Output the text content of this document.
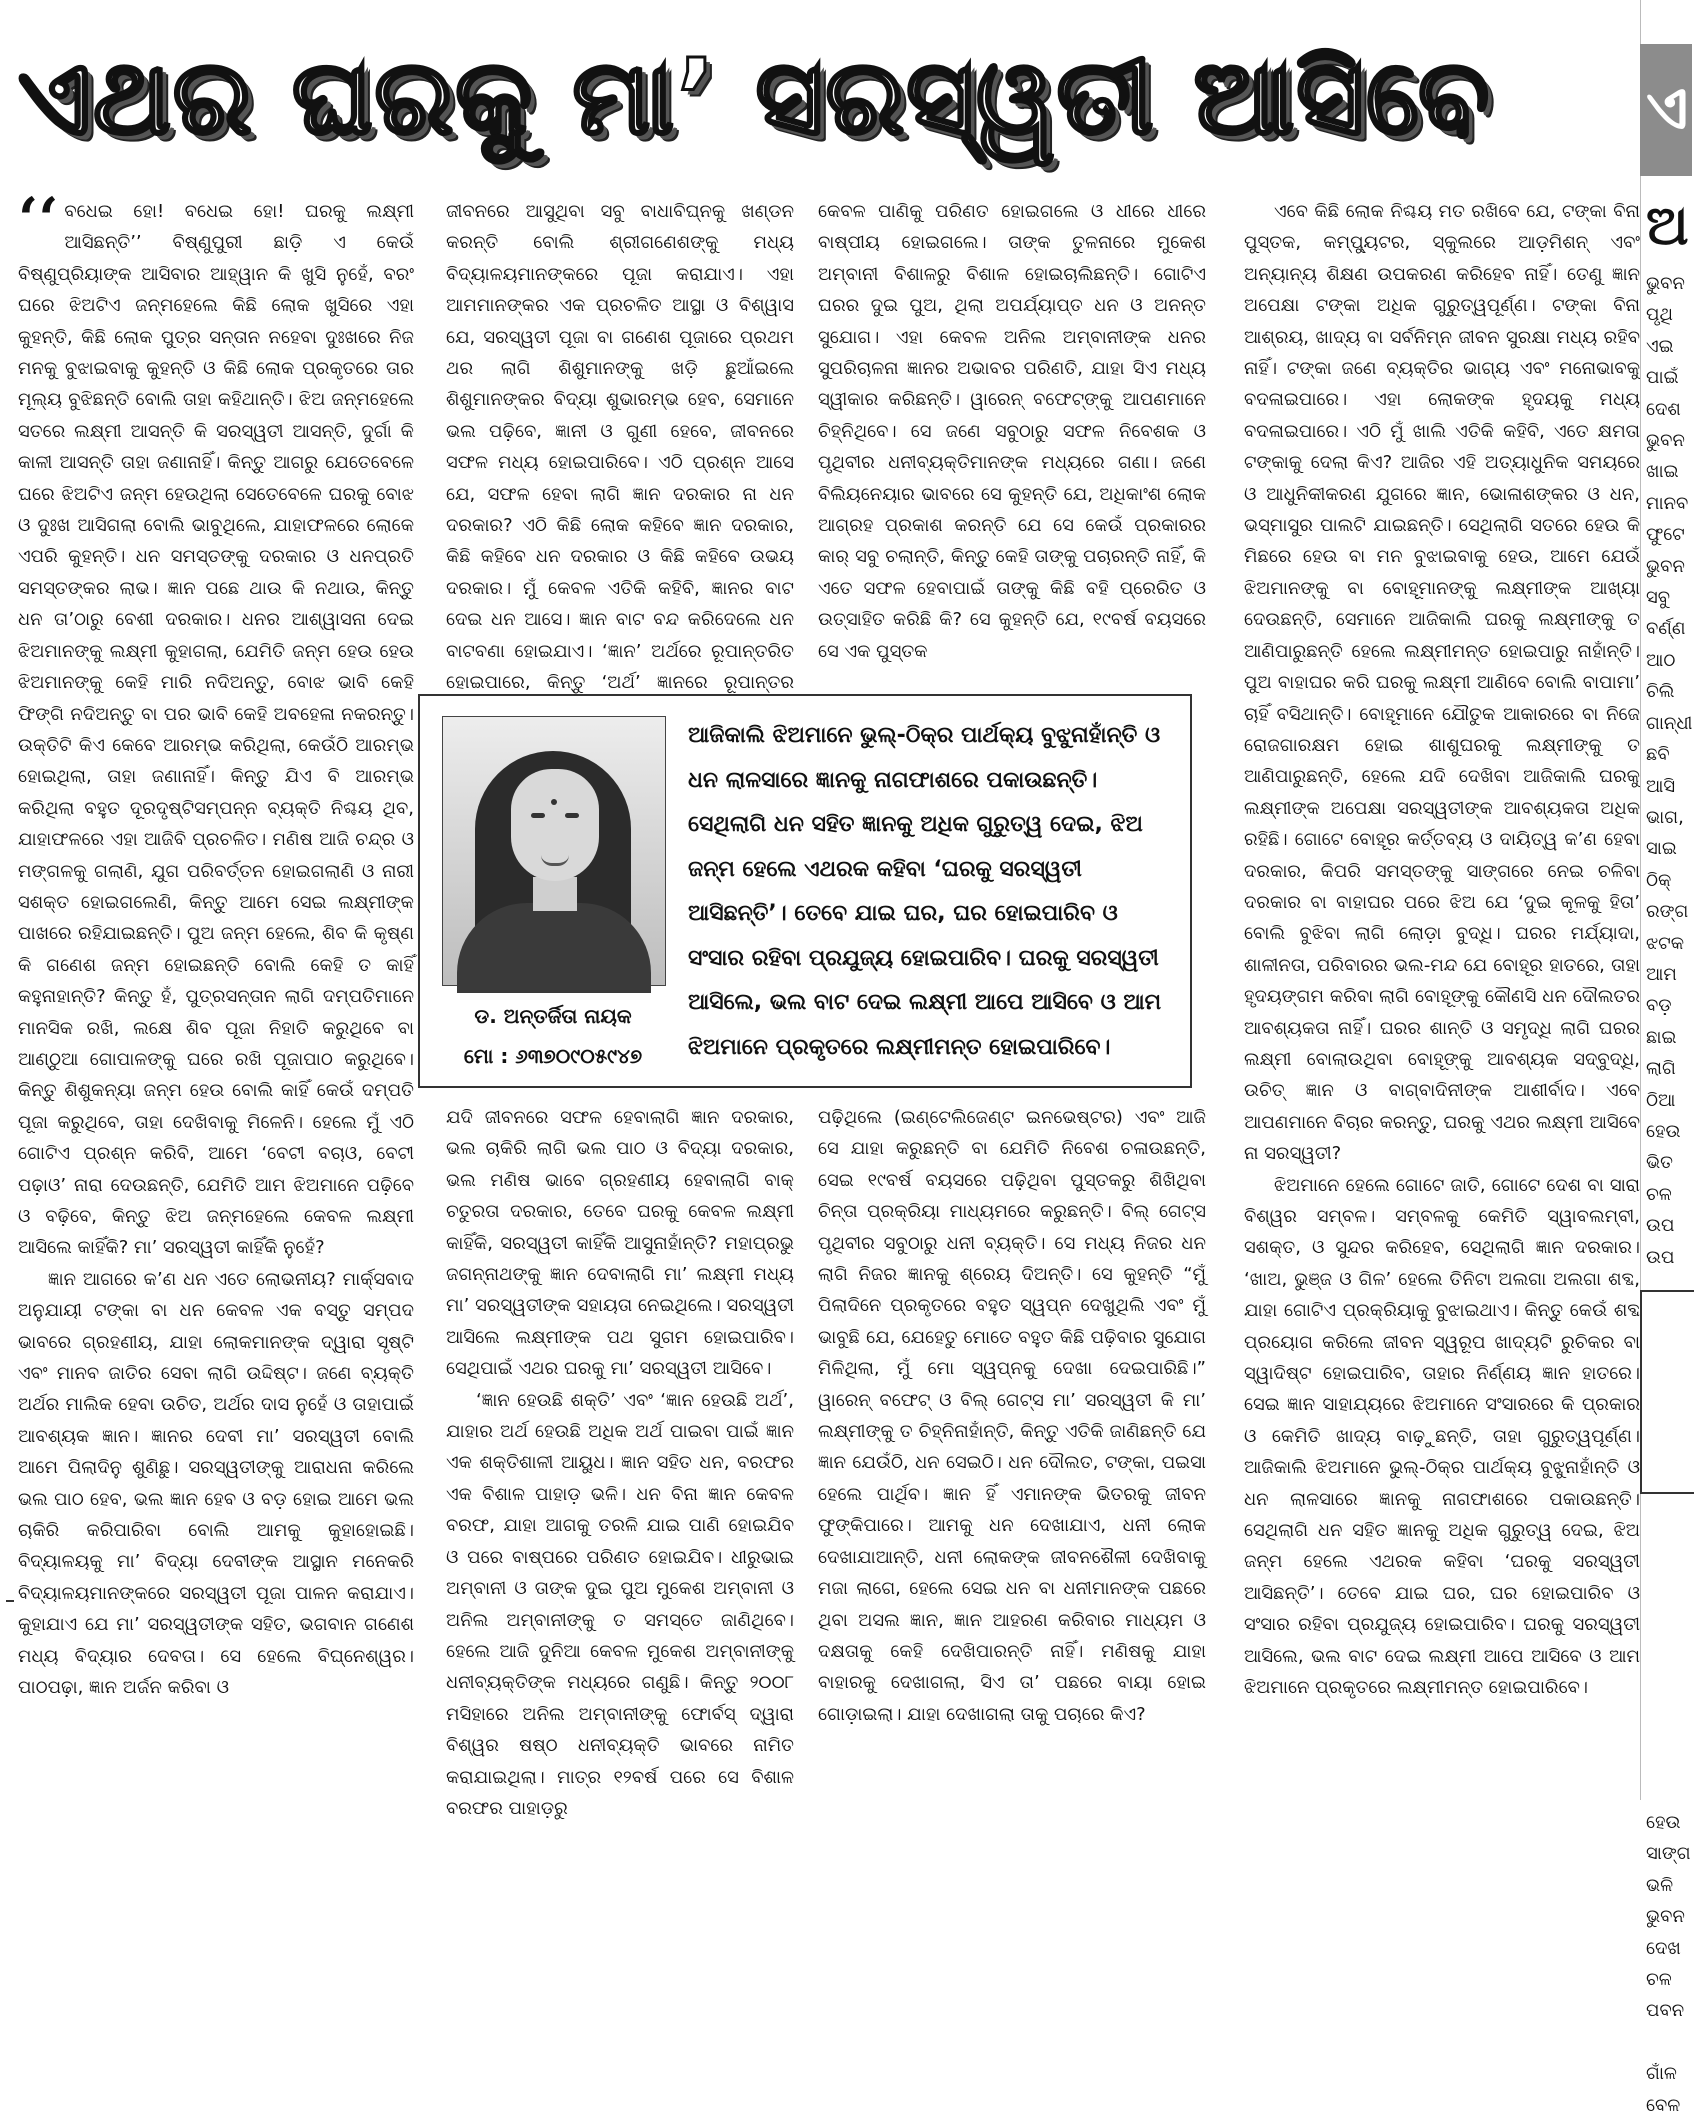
ଏଥର ଘରକୁ ମା’ ସରସ୍ୱତୀ ଆସିବେ

‘‘ ବଧେଇ ହୋ! ବଧେଇ ହୋ! ଘରକୁ ଲକ୍ଷ୍ମୀ ଆସିଛନ୍ତି’’ ବିଷ୍ଣୁପୁରୀ ଛାଡ଼ି ଏ କେଉଁ ବିଷ୍ଣୁପ୍ରିୟାଙ୍କ ଆସିବାର ଆହ୍ୱାନ କି ଖୁସି ନୁହେଁ, ବରଂ ଘରେ ଝିଅଟିଏ ଜନ୍ମହେଲେ କିଛି ଲୋକ ଖୁସିରେ ଏହା କୁହନ୍ତି, କିଛି ଲୋକ ପୁତ୍ର ସନ୍ତାନ ନହେବା ଦୁଃଖରେ ନିଜ ମନକୁ ବୁଝାଇବାକୁ କୁହନ୍ତି ଓ କିଛି ଲୋକ ପ୍ରକୃତରେ ତାର ମୂଲ୍ୟ ବୁଝିଛନ୍ତି ବୋଲି ତାହା କହିଥାନ୍ତି। ଝିଅ ଜନ୍ମହେଲେ ସତରେ ଲକ୍ଷ୍ମୀ ଆସନ୍ତି କି ସରସ୍ୱତୀ ଆସନ୍ତି, ଦୁର୍ଗା କି କାଳୀ ଆସନ୍ତି ତାହା ଜଣାନାହିଁ। କିନ୍ତୁ ଆଗରୁ ଯେତେବେଳେ ଘରେ ଝିଅଟିଏ ଜନ୍ମ ହେଉଥିଲା ସେତେବେଳେ ଘରକୁ ବୋଝ ଓ ଦୁଃଖ ଆସିଗଲା ବୋଲି ଭାବୁଥିଲେ, ଯାହାଫଳରେ ଲୋକେ ଏପରି କୁହନ୍ତି। ଧନ ସମସ୍ତଙ୍କୁ ଦରକାର ଓ ଧନପ୍ରତି ସମସ୍ତଙ୍କର ଲାଭ। ଜ୍ଞାନ ପଛେ ଥାଉ କି ନଥାଉ, କିନ୍ତୁ ଧନ ତା’ଠାରୁ ବେଶୀ ଦରକାର। ଧନର ଆଶ୍ୱାସନା ଦେଇ ଝିଅମାନଙ୍କୁ ଲକ୍ଷ୍ମୀ କୁହାଗଲା, ଯେମିତି ଜନ୍ମ ହେଉ ହେଉ ଝିଅମାନଙ୍କୁ କେହି ମାରି ନଦିଅନ୍ତୁ, ବୋଝ ଭାବି କେହି ଫିଙ୍ଗି ନଦିଅନ୍ତୁ ବା ପର ଭାବି କେହି ଅବହେଳା ନକରନ୍ତୁ। ଉକ୍ତିଟି କିଏ କେବେ ଆରମ୍ଭ କରିଥିଲା, କେଉଁଠି ଆରମ୍ଭ ହୋଇଥିଲା, ତାହା ଜଣାନାହିଁ। କିନ୍ତୁ ଯିଏ ବି ଆରମ୍ଭ କରିଥିଲା ବହୁତ ଦୂରଦୃଷ୍ଟିସମ୍ପନ୍ନ ବ୍ୟକ୍ତି ନିଶ୍ଚୟ ଥିବ, ଯାହାଫଳରେ ଏହା ଆଜିବି ପ୍ରଚଳିତ। ମଣିଷ ଆଜି ଚନ୍ଦ୍ର ଓ ମଙ୍ଗଳକୁ ଗଲାଣି, ଯୁଗ ପରିବର୍ତ୍ତନ ହୋଇଗଲାଣି ଓ ନାରୀ ସଶକ୍ତ ହୋଇଗଲେଣି, କିନ୍ତୁ ଆମେ ସେଇ ଲକ୍ଷ୍ମୀଙ୍କ ପାଖରେ ରହିଯାଇଛନ୍ତି। ପୁଅ ଜନ୍ମ ହେଲେ, ଶିବ କି କୃଷ୍ଣ କି ଗଣେଶ ଜନ୍ମ ହୋଇଛନ୍ତି ବୋଲି କେହି ତ କାହିଁ କହୁନାହାନ୍ତି? କିନ୍ତୁ ହଁ, ପୁତ୍ରସନ୍ତାନ ଲାଗି ଦମ୍ପତିମାନେ ମାନସିକ ରଖି, ଲକ୍ଷେ ଶିବ ପୂଜା ନିହାତି କରୁଥିବେ ବା ଆଣ୍ଠୁଆ ଗୋପାଳଙ୍କୁ ଘରେ ରଖି ପୂଜାପାଠ କରୁଥିବେ। କିନ୍ତୁ ଶିଶୁକନ୍ୟା ଜନ୍ମ ହେଉ ବୋଲି କାହିଁ କେଉଁ ଦମ୍ପତି ପୂଜା କରୁଥିବେ, ତାହା ଦେଖିବାକୁ ମିଳେନି। ହେଲେ ମୁଁ ଏଠି ଗୋଟିଏ ପ୍ରଶ୍ନ କରିବି, ଆମେ ‘ବେଟୀ ବଚାଓ, ବେଟୀ ପଢ଼ାଓ’ ନାରା ଦେଉଛନ୍ତି, ଯେମିତି ଆମ ଝିଅମାନେ ପଢ଼ିବେ ଓ ବଢ଼ିବେ, କିନ୍ତୁ ଝିଅ ଜନ୍ମହେଲେ କେବଳ ଲକ୍ଷ୍ମୀ ଆସିଲେ କାହିଁକି? ମା’ ସରସ୍ୱତୀ କାହିଁକି ନୁହେଁ?

ଜ୍ଞାନ ଆଗରେ କ’ଣ ଧନ ଏତେ ଲୋଭନୀୟ? ମାର୍କ୍ସବାଦ ଅନୁଯାୟୀ ଟଙ୍କା ବା ଧନ କେବଳ ଏକ ବସ୍ତୁ ସମ୍ପଦ ଭାବରେ ଗ୍ରହଣୀୟ, ଯାହା ଲୋକମାନଙ୍କ ଦ୍ୱାରା ସୃଷ୍ଟି ଏବଂ ମାନବ ଜାତିର ସେବା ଲାଗି ଉଦ୍ଦିଷ୍ଟ। ଜଣେ ବ୍ୟକ୍ତି ଅର୍ଥର ମାଲିକ ହେବା ଉଚିତ, ଅର୍ଥର ଦାସ ନୁହେଁ ଓ ତାହାପାଇଁ ଆବଶ୍ୟକ ଜ୍ଞାନ। ଜ୍ଞାନର ଦେବୀ ମା’ ସରସ୍ୱତୀ ବୋଲି ଆମେ ପିଲାଦିନୁ ଶୁଣିଛୁ। ସରସ୍ୱତୀଙ୍କୁ ଆରାଧନା କରିଲେ ଭଲ ପାଠ ହେବ, ଭଲ ଜ୍ଞାନ ହେବ ଓ ବଡ଼ ହୋଇ ଆମେ ଭଲ ଚାକିରି କରିପାରିବା ବୋଲି ଆମକୁ କୁହାହୋଇଛି। ବିଦ୍ୟାଳୟକୁ ମା’ ବିଦ୍ୟା ଦେବୀଙ୍କ ଆସ୍ଥାନ ମନେକରି ବିଦ୍ୟାଳୟମାନଙ୍କରେ ସରସ୍ୱତୀ ପୂଜା ପାଳନ କରାଯାଏ। କୁହାଯାଏ ଯେ ମା’ ସରସ୍ୱତୀଙ୍କ ସହିତ, ଭଗବାନ ଗଣେଶ ମଧ୍ୟ ବିଦ୍ୟାର ଦେବତା। ସେ ହେଲେ ବିଘ୍ନେଶ୍ୱର। ପାଠପଢ଼ା, ଜ୍ଞାନ ଅର୍ଜନ କରିବା ଓ

ଜୀବନରେ ଆସୁଥିବା ସବୁ ବାଧାବିଘ୍ନକୁ ଖଣ୍ଡନ କରନ୍ତି ବୋଲି ଶ୍ରୀଗଣେଶଙ୍କୁ ମଧ୍ୟ ବିଦ୍ୟାଳୟମାନଙ୍କରେ ପୂଜା କରାଯାଏ। ଏହା ଆମମାନଙ୍କର ଏକ ପ୍ରଚଳିତ ଆସ୍ଥା ଓ ବିଶ୍ୱାସ ଯେ, ସରସ୍ୱତୀ ପୂଜା ବା ଗଣେଶ ପୂଜାରେ ପ୍ରଥମ ଥର ଲାଗି ଶିଶୁମାନଙ୍କୁ ଖଡ଼ି ଛୁଆଁଇଲେ ଶିଶୁମାନଙ୍କର ବିଦ୍ୟା ଶୁଭାରମ୍ଭ ହେବ, ସେମାନେ ଭଲ ପଢ଼ିବେ, ଜ୍ଞାନୀ ଓ ଗୁଣୀ ହେବେ, ଜୀବନରେ ସଫଳ ମଧ୍ୟ ହୋଇପାରିବେ। ଏଠି ପ୍ରଶ୍ନ ଆସେ ଯେ, ସଫଳ ହେବା ଲାଗି ଜ୍ଞାନ ଦରକାର ନା ଧନ ଦରକାର? ଏଠି କିଛି ଲୋକ କହିବେ ଜ୍ଞାନ ଦରକାର, କିଛି କହିବେ ଧନ ଦରକାର ଓ କିଛି କହିବେ ଉଭୟ ଦରକାର। ମୁଁ କେବଳ ଏତିକି କହିବି, ଜ୍ଞାନର ବାଟ ଦେଇ ଧନ ଆସେ। ଜ୍ଞାନ ବାଟ ବନ୍ଦ କରିଦେଲେ ଧନ ବାଟବଣା ହୋଇଯାଏ। ‘ଜ୍ଞାନ’ ଅର୍ଥରେ ରୂପାନ୍ତରିତ ହୋଇପାରେ, କିନ୍ତୁ ‘ଅର୍ଥ’ ଜ୍ଞାନରେ ରୂପାନ୍ତର

କେବଳ ପାଣିକୁ ପରିଣତ ହୋଇଗଲେ ଓ ଧୀରେ ଧୀରେ ବାଷ୍ପୀୟ ହୋଇଗଲେ। ତାଙ୍କ ତୁଳନାରେ ମୁକେଶ ଅମ୍ବାନୀ ବିଶାଳରୁ ବିଶାଳ ହୋଇଚାଲିଛନ୍ତି। ଗୋଟିଏ ଘରର ଦୁଇ ପୁଅ, ଥିଲା ଅପର୍ଯ୍ୟାପ୍ତ ଧନ ଓ ଅନନ୍ତ ସୁଯୋଗ। ଏହା କେବଳ ଅନିଲ ଅମ୍ବାନୀଙ୍କ ଧନର ସୁପରିଚାଳନା ଜ୍ଞାନର ଅଭାବର ପରିଣତି, ଯାହା ସିଏ ମଧ୍ୟ ସ୍ୱୀକାର କରିଛନ୍ତି। ୱାରେନ୍ ବଫେଟ୍‌ଙ୍କୁ ଆପଣମାନେ ଚିହ୍ନିଥିବେ। ସେ ଜଣେ ସବୁଠାରୁ ସଫଳ ନିବେଶକ ଓ ପୃଥିବୀର ଧନୀବ୍ୟକ୍ତିମାନଙ୍କ ମଧ୍ୟରେ ଗଣା। ଜଣେ ବିଲିୟନେୟାର ଭାବରେ ସେ କୁହନ୍ତି ଯେ, ଅଧିକାଂଶ ଲୋକ ଆଗ୍ରହ ପ୍ରକାଶ କରନ୍ତି ଯେ ସେ କେଉଁ ପ୍ରକାରର କାର୍ ସବୁ ଚଲାନ୍ତି, କିନ୍ତୁ କେହି ତାଙ୍କୁ ପଚାରନ୍ତି ନାହିଁ, କି ଏତେ ସଫଳ ହେବାପାଇଁ ତାଙ୍କୁ କିଛି ବହି ପ୍ରେରିତ ଓ ଉତ୍ସାହିତ କରିଛି କି? ସେ କୁହନ୍ତି ଯେ, ୧୯ବର୍ଷ ବୟସରେ ସେ ଏକ ପୁସ୍ତକ

ଡ. ଅନ୍ତର୍ଜିତା ନାୟକ
ମୋ : ୬୩୭୦୯୦୫୯୪୭
ଆଜିକାଲି ଝିଅମାନେ ଭୁଲ୍-ଠିକ୍‌ର ପାର୍ଥକ୍ୟ ବୁଝୁନାହାଁନ୍ତି ଓ ଧନ ଲାଳସାରେ ଜ୍ଞାନକୁ ନାଗଫାଶରେ ପକାଉଛନ୍ତି। ସେଥିଲାଗି ଧନ ସହିତ ଜ୍ଞାନକୁ ଅଧିକ ଗୁରୁତ୍ୱ ଦେଇ, ଝିଅ ଜନ୍ମ ହେଲେ ଏଥରକ କହିବା ‘ଘରକୁ ସରସ୍ୱତୀ ଆସିଛନ୍ତି’। ତେବେ ଯାଇ ଘର, ଘର ହୋଇପାରିବ ଓ ସଂସାର ରହିବା ପ୍ରଯୁଜ୍ୟ ହୋଇପାରିବ। ଘରକୁ ସରସ୍ୱତୀ ଆସିଲେ, ଭଲ ବାଟ ଦେଇ ଲକ୍ଷ୍ମୀ ଆପେ ଆସିବେ ଓ ଆମ ଝିଅମାନେ ପ୍ରକୃତରେ ଲକ୍ଷ୍ମୀମନ୍ତ ହୋଇପାରିବେ।

ଯଦି ଜୀବନରେ ସଫଳ ହେବାଲାଗି ଜ୍ଞାନ ଦରକାର, ଭଲ ଚାକିରି ଲାଗି ଭଲ ପାଠ ଓ ବିଦ୍ୟା ଦରକାର, ଭଲ ମଣିଷ ଭାବେ ଗ୍ରହଣୀୟ ହେବାଲାଗି ବାକ୍ ଚତୁରତା ଦରକାର, ତେବେ ଘରକୁ କେବଳ ଲକ୍ଷ୍ମୀ କାହିଁକି, ସରସ୍ୱତୀ କାହିଁକି ଆସୁନାହାଁନ୍ତି? ମହାପ୍ରଭୁ ଜଗନ୍ନାଥଙ୍କୁ ଜ୍ଞାନ ଦେବାଲାଗି ମା’ ଲକ୍ଷ୍ମୀ ମଧ୍ୟ ମା’ ସରସ୍ୱତୀଙ୍କ ସହାୟତା ନେଇଥିଲେ। ସରସ୍ୱତୀ ଆସିଲେ ଲକ୍ଷ୍ମୀଙ୍କ ପଥ ସୁଗମ ହୋଇପାରିବ। ସେଥିପାଇଁ ଏଥର ଘରକୁ ମା’ ସରସ୍ୱତୀ ଆସିବେ।

‘ଜ୍ଞାନ ହେଉଛି ଶକ୍ତି’ ଏବଂ ‘ଜ୍ଞାନ ହେଉଛି ଅର୍ଥ’, ଯାହାର ଅର୍ଥ ହେଉଛି ଅଧିକ ଅର୍ଥ ପାଇବା ପାଇଁ ଜ୍ଞାନ ଏକ ଶକ୍ତିଶାଳୀ ଆୟୁଧ। ଜ୍ଞାନ ସହିତ ଧନ, ବରଫର ଏକ ବିଶାଳ ପାହାଡ଼ ଭଳି। ଧନ ବିନା ଜ୍ଞାନ କେବଳ ବରଫ, ଯାହା ଆଗକୁ ତରଳି ଯାଇ ପାଣି ହୋଇଯିବ ଓ ପରେ ବାଷ୍ପରେ ପରିଣତ ହୋଇଯିବ। ଧୀରୁଭାଇ ଅମ୍ବାନୀ ଓ ତାଙ୍କ ଦୁଇ ପୁଅ ମୁକେଶ ଅମ୍ବାନୀ ଓ ଅନିଲ ଅମ୍ବାନୀଙ୍କୁ ତ ସମସ୍ତେ ଜାଣିଥିବେ। ହେଲେ ଆଜି ଦୁନିଆ କେବଳ ମୁକେଶ ଅମ୍ବାନୀଙ୍କୁ ଧନୀବ୍ୟକ୍ତିଙ୍କ ମଧ୍ୟରେ ଗଣୁଛି। କିନ୍ତୁ ୨୦୦୮ ମସିହାରେ ଅନିଲ ଅମ୍ବାନୀଙ୍କୁ ଫୋର୍ବସ୍ ଦ୍ୱାରା ବିଶ୍ୱର ଷଷ୍ଠ ଧନୀବ୍ୟକ୍ତି ଭାବରେ ନାମିତ କରାଯାଇଥିଲା। ମାତ୍ର ୧୨ବର୍ଷ ପରେ ସେ ବିଶାଳ ବରଫର ପାହାଡ଼ରୁ

ପଢ଼ିଥିଲେ (ଇଣ୍ଟେଲିଜେଣ୍ଟ ଇନଭେଷ୍ଟର) ଏବଂ ଆଜି ସେ ଯାହା କରୁଛନ୍ତି ବା ଯେମିତି ନିବେଶ ଚଳାଉଛନ୍ତି, ସେଇ ୧୯ବର୍ଷ ବୟସରେ ପଢ଼ିଥିବା ପୁସ୍ତକରୁ ଶିଖିଥିବା ଚିନ୍ତା ପ୍ରକ୍ରିୟା ମାଧ୍ୟମରେ କରୁଛନ୍ତି। ବିଲ୍ ଗେଟ୍‌ସ ପୃଥିବୀର ସବୁଠାରୁ ଧନୀ ବ୍ୟକ୍ତି। ସେ ମଧ୍ୟ ନିଜର ଧନ ଲାଗି ନିଜର ଜ୍ଞାନକୁ ଶ୍ରେୟ ଦିଅନ୍ତି। ସେ କୁହନ୍ତି “ମୁଁ ପିଲାଦିନେ ପ୍ରକୃତରେ ବହୁତ ସ୍ୱପ୍ନ ଦେଖୁଥିଲି ଏବଂ ମୁଁ ଭାବୁଛି ଯେ, ଯେହେତୁ ମୋତେ ବହୁତ କିଛି ପଢ଼ିବାର ସୁଯୋଗ ମିଳିଥିଲା, ମୁଁ ମୋ ସ୍ୱପ୍ନକୁ ଦେଖା ଦେଇପାରିଛି।” ୱାରେନ୍ ବଫେଟ୍ ଓ ବିଲ୍ ଗେଟ୍‌ସ ମା’ ସରସ୍ୱତୀ କି ମା’ ଲକ୍ଷ୍ମୀଙ୍କୁ ତ ଚିହ୍ନିନାହାଁନ୍ତି, କିନ୍ତୁ ଏତିକି ଜାଣିଛନ୍ତି ଯେ ଜ୍ଞାନ ଯେଉଁଠି, ଧନ ସେଇଠି। ଧନ ଦୌଲତ, ଟଙ୍କା, ପଇସା ହେଲେ ପାର୍ଥିବ। ଜ୍ଞାନ ହିଁ ଏମାନଙ୍କ ଭିତରକୁ ଜୀବନ ଫୁଙ୍କିପାରେ। ଆମକୁ ଧନ ଦେଖାଯାଏ, ଧନୀ ଲୋକ ଦେଖାଯାଆନ୍ତି, ଧନୀ ଲୋକଙ୍କ ଜୀବନଶୈଳୀ ଦେଖିବାକୁ ମଜା ଲାଗେ, ହେଲେ ସେଇ ଧନ ବା ଧନୀମାନଙ୍କ ପଛରେ ଥିବା ଅସଲ ଜ୍ଞାନ, ଜ୍ଞାନ ଆହରଣ କରିବାର ମାଧ୍ୟମ ଓ ଦକ୍ଷତାକୁ କେହି ଦେଖିପାରନ୍ତି ନାହିଁ। ମଣିଷକୁ ଯାହା ବାହାରକୁ ଦେଖାଗଲା, ସିଏ ତା’ ପଛରେ ବାୟା ହୋଇ ଗୋଡ଼ାଇଲା। ଯାହା ଦେଖାଗଲା ତାକୁ ପଚାରେ କିଏ?

ଏବେ କିଛି ଲୋକ ନିଶ୍ଚୟ ମତ ରଖିବେ ଯେ, ଟଙ୍କା ବିନା ପୁସ୍ତକ, କମ୍ପ୍ୟୁଟର, ସ୍କୁଲରେ ଆଡ଼ମିଶନ୍ ଏବଂ ଅନ୍ୟାନ୍ୟ ଶିକ୍ଷଣ ଉପକରଣ କରିହେବ ନାହିଁ। ତେଣୁ ଜ୍ଞାନ ଅପେକ୍ଷା ଟଙ୍କା ଅଧିକ ଗୁରୁତ୍ୱପୂର୍ଣ୍ଣ। ଟଙ୍କା ବିନା ଆଶ୍ରୟ, ଖାଦ୍ୟ ବା ସର୍ବନିମ୍ନ ଜୀବନ ସୁରକ୍ଷା ମଧ୍ୟ ରହିବ ନାହିଁ। ଟଙ୍କା ଜଣେ ବ୍ୟକ୍ତିର ଭାଗ୍ୟ ଏବଂ ମନୋଭାବକୁ ବଦଳାଇପାରେ। ଏହା ଲୋକଙ୍କ ହୃଦୟକୁ ମଧ୍ୟ ବଦଳାଇପାରେ। ଏଠି ମୁଁ ଖାଲି ଏତିକି କହିବି, ଏତେ କ୍ଷମତା ଟଙ୍କାକୁ ଦେଲା କିଏ? ଆଜିର ଏହି ଅତ୍ୟାଧୁନିକ ସମୟରେ ଓ ଆଧୁନିକୀକରଣ ଯୁଗରେ ଜ୍ଞାନ, ଭୋଳାଶଙ୍କର ଓ ଧନ, ଭସ୍ମାସୁର ପାଲଟି ଯାଇଛନ୍ତି। ସେଥିଲାଗି ସତରେ ହେଉ କି ମିଛରେ ହେଉ ବା ମନ ବୁଝାଇବାକୁ ହେଉ, ଆମେ ଯେଉଁ ଝିଅମାନଙ୍କୁ ବା ବୋହୂମାନଙ୍କୁ ଲକ୍ଷ୍ମୀଙ୍କ ଆଖ୍ୟା ଦେଉଛନ୍ତି, ସେମାନେ ଆଜିକାଲି ଘରକୁ ଲକ୍ଷ୍ମୀଙ୍କୁ ତ ଆଣିପାରୁଛନ୍ତି ହେଲେ ଲକ୍ଷ୍ମୀମନ୍ତ ହୋଇପାରୁ ନାହାଁନ୍ତି। ପୁଅ ବାହାଘର କରି ଘରକୁ ଲକ୍ଷ୍ମୀ ଆଣିବେ ବୋଲି ବାପାମା’ ଚାହିଁ ବସିଥାନ୍ତି। ବୋହୂମାନେ ଯୌତୁକ ଆକାରରେ ବା ନିଜେ ରୋଜଗାରକ୍ଷମ ହୋଇ ଶାଶୁଘରକୁ ଲକ୍ଷ୍ମୀଙ୍କୁ ତ ଆଣିପାରୁଛନ୍ତି, ହେଲେ ଯଦି ଦେଖିବା ଆଜିକାଲି ଘରକୁ ଲକ୍ଷ୍ମୀଙ୍କ ଅପେକ୍ଷା ସରସ୍ୱତୀଙ୍କ ଆବଶ୍ୟକତା ଅଧିକ ରହିଛି। ଗୋଟେ ବୋହୂର କର୍ତ୍ତବ୍ୟ ଓ ଦାୟିତ୍ୱ କ’ଣ ହେବା ଦରକାର, କିପରି ସମସ୍ତଙ୍କୁ ସାଙ୍ଗରେ ନେଇ ଚଳିବା ଦରକାର ବା ବାହାଘର ପରେ ଝିଅ ଯେ ‘ଦୁଇ କୂଳକୁ ହିତା’ ବୋଲି ବୁଝିବା ଲାଗି ଲୋଡ଼ା ବୁଦ୍ଧି। ଘରର ମର୍ଯ୍ୟାଦା, ଶାଳୀନତା, ପରିବାରର ଭଲ-ମନ୍ଦ ଯେ ବୋହୂର ହାତରେ, ତାହା ହୃଦୟଙ୍ଗମ କରିବା ଲାଗି ବୋହୂଙ୍କୁ କୌଣସି ଧନ ଦୌଲତର ଆବଶ୍ୟକତା ନାହିଁ। ଘରର ଶାନ୍ତି ଓ ସମୃଦ୍ଧି ଲାଗି ଘରର ଲକ୍ଷ୍ମୀ ବୋଲାଉଥିବା ବୋହୂଙ୍କୁ ଆବଶ୍ୟକ ସଦ୍‌ବୁଦ୍ଧି, ଉଚିତ୍ ଜ୍ଞାନ ଓ ବାଗ୍‌ବାଦିନୀଙ୍କ ଆଶୀର୍ବାଦ। ଏବେ ଆପଣମାନେ ବିଚାର କରନ୍ତୁ, ଘରକୁ ଏଥର ଲକ୍ଷ୍ମୀ ଆସିବେ ନା ସରସ୍ୱତୀ?

ଝିଅମାନେ ହେଲେ ଗୋଟେ ଜାତି, ଗୋଟେ ଦେଶ ବା ସାରା ବିଶ୍ୱର ସମ୍ବଳ। ସମ୍ବଳକୁ କେମିତି ସ୍ୱାବଲମ୍ବୀ, ସଶକ୍ତ, ଓ ସୁନ୍ଦର କରିହେବ, ସେଥିଲାଗି ଜ୍ଞାନ ଦରକାର। ‘ଖାଅ, ଭୁଞ୍ଜ ଓ ଗିଳ’ ହେଲେ ତିନିଟା ଅଲଗା ଅଲଗା ଶବ୍ଦ, ଯାହା ଗୋଟିଏ ପ୍ରକ୍ରିୟାକୁ ବୁଝାଇଥାଏ। କିନ୍ତୁ କେଉଁ ଶବ୍ଦ ପ୍ରୟୋଗ କରିଲେ ଜୀବନ ସ୍ୱରୂପ ଖାଦ୍ୟଟି ରୁଚିକର ବା ସ୍ୱାଦିଷ୍ଟ ହୋଇପାରିବ, ତାହାର ନିର୍ଣ୍ଣୟ ଜ୍ଞାନ ହାତରେ। ସେଇ ଜ୍ଞାନ ସାହାଯ୍ୟରେ ଝିଅମାନେ ସଂସାରରେ କି ପ୍ରକାର ଓ କେମିତି ଖାଦ୍ୟ ବାଢ଼ୁଛନ୍ତି, ତାହା ଗୁରୁତ୍ୱପୂର୍ଣ୍ଣ। ଆଜିକାଲି ଝିଅମାନେ ଭୁଲ୍-ଠିକ୍‌ର ପାର୍ଥକ୍ୟ ବୁଝୁନାହାଁନ୍ତି ଓ ଧନ ଲାଳସାରେ ଜ୍ଞାନକୁ ନାଗଫାଶରେ ପକାଉଛନ୍ତି। ସେଥିଲାଗି ଧନ ସହିତ ଜ୍ଞାନକୁ ଅଧିକ ଗୁରୁତ୍ୱ ଦେଇ, ଝିଅ ଜନ୍ମ ହେଲେ ଏଥରକ କହିବା ‘ଘରକୁ ସରସ୍ୱତୀ ଆସିଛନ୍ତି’। ତେବେ ଯାଇ ଘର, ଘର ହୋଇପାରିବ ଓ ସଂସାର ରହିବା ପ୍ରଯୁଜ୍ୟ ହୋଇପାରିବ। ଘରକୁ ସରସ୍ୱତୀ ଆସିଲେ, ଭଲ ବାଟ ଦେଇ ଲକ୍ଷ୍ମୀ ଆପେ ଆସିବେ ଓ ଆମ ଝିଅମାନେ ପ୍ରକୃତରେ ଲକ୍ଷ୍ମୀମନ୍ତ ହୋଇପାରିବେ।

ଏ
ଅ
ଭୁବନ
ପୃଥି
ଏଇ
ପାଇଁ
ଦେଶ
ଭୁବନ
ଖାଇ
ମାନବ
ଫୁଟେ
ଭୁବନ
ସବୁ
ବର୍ଣ୍ଣ
ଆଠ
ଚିଲି
ଗାନ୍ଧୀ
ଛବି
ଆସି
ଭାଗ,
ସାଇ
ଠିକ୍
ରଙ୍ଗ
ଝଟକ
ଆମ
ବଡ଼
ଛାଇ
ଲାଗି
ଠିଆ
ହେଉ
ଭିତ
ଚଳ
ଉପ
ଉପ

ହେଉ
ସାଙ୍ଗ
ଭଳି
ଭୁବନ
ଦେଖ
ଚଳ
ପବନ

ଗାଁଳ
ବେଳ
